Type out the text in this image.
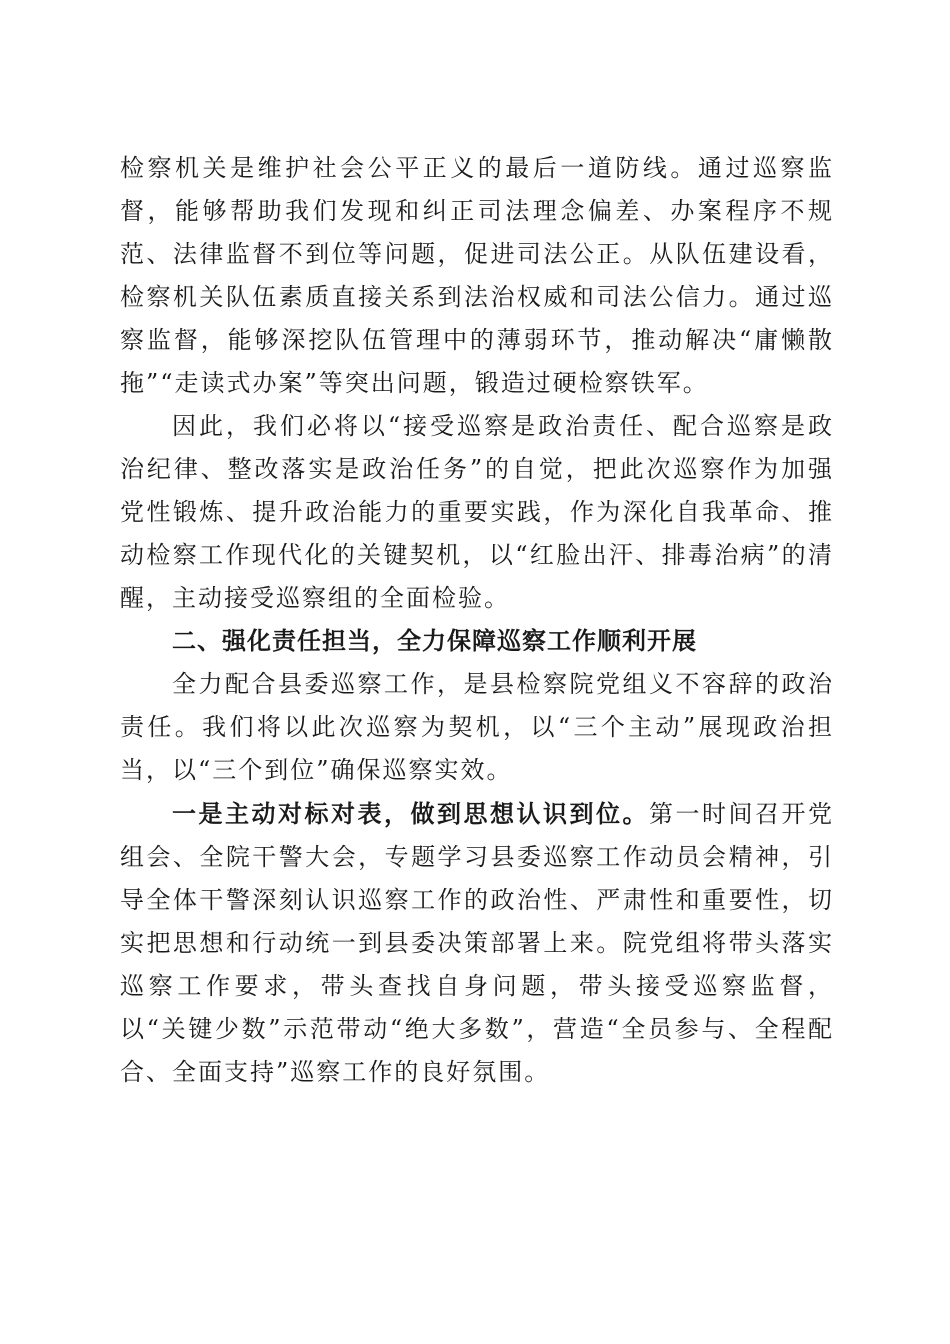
检察机关是维护社会公平正义的最后一道防线。通过巡察监督，能够帮助我们发现和纠正司法理念偏差、办案程序不规范、法律监督不到位等问题，促进司法公正。从队伍建设看，检察机关队伍素质直接关系到法治权威和司法公信力。通过巡察监督，能够深挖队伍管理中的薄弱环节，推动解决“庸懒散拖”“走读式办案”等突出问题，锻造过硬检察铁军。

因此，我们必将以“接受巡察是政治责任、配合巡察是政治纪律、整改落实是政治任务”的自觉，把此次巡察作为加强党性锻炼、提升政治能力的重要实践，作为深化自我革命、推动检察工作现代化的关键契机，以“红脸出汗、排毒治病”的清醒，主动接受巡察组的全面检验。

二、强化责任担当，全力保障巡察工作顺利开展

全力配合县委巡察工作，是县检察院党组义不容辞的政治责任。我们将以此次巡察为契机，以“三个主动”展现政治担当，以“三个到位”确保巡察实效。

一是主动对标对表，做到思想认识到位。第一时间召开党组会、全院干警大会，专题学习县委巡察工作动员会精神，引导全体干警深刻认识巡察工作的政治性、严肃性和重要性，切实把思想和行动统一到县委决策部署上来。院党组将带头落实巡察工作要求，带头查找自身问题，带头接受巡察监督，以“关键少数”示范带动“绝大多数”，营造“全员参与、全程配合、全面支持”巡察工作的良好氛围。
